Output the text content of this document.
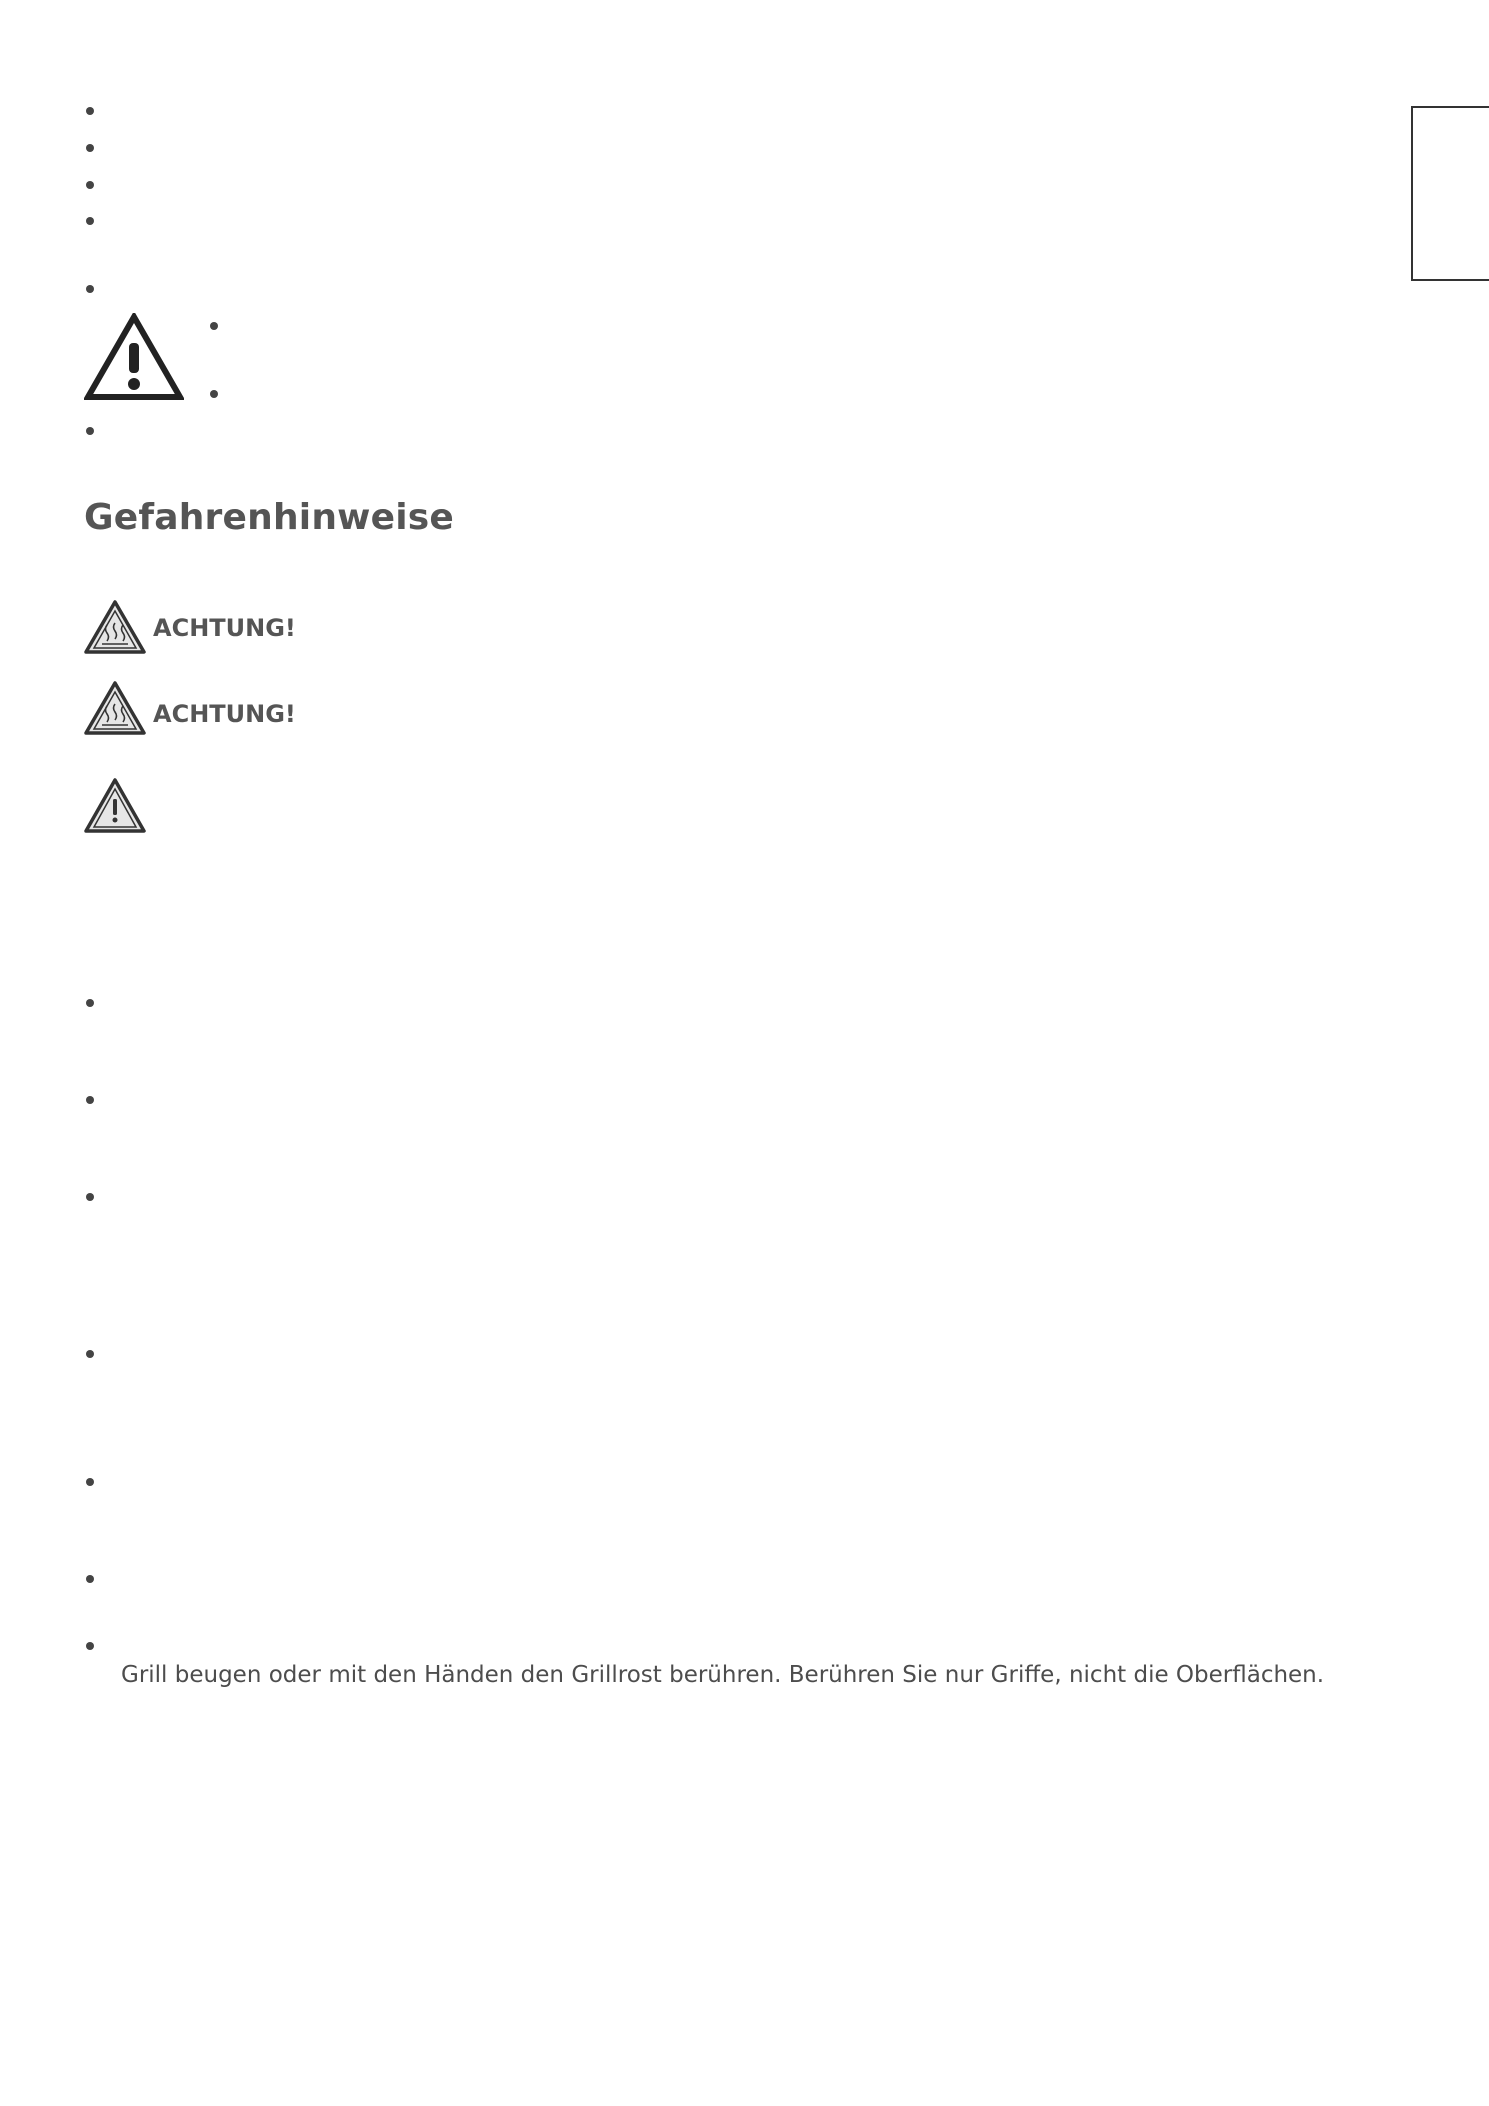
Gefahrenhinweise
ACHTUNG!
ACHTUNG!
Grill beugen oder mit den Händen den Grillrost berühren. Berühren Sie nur Griffe, nicht die Oberflächen.
